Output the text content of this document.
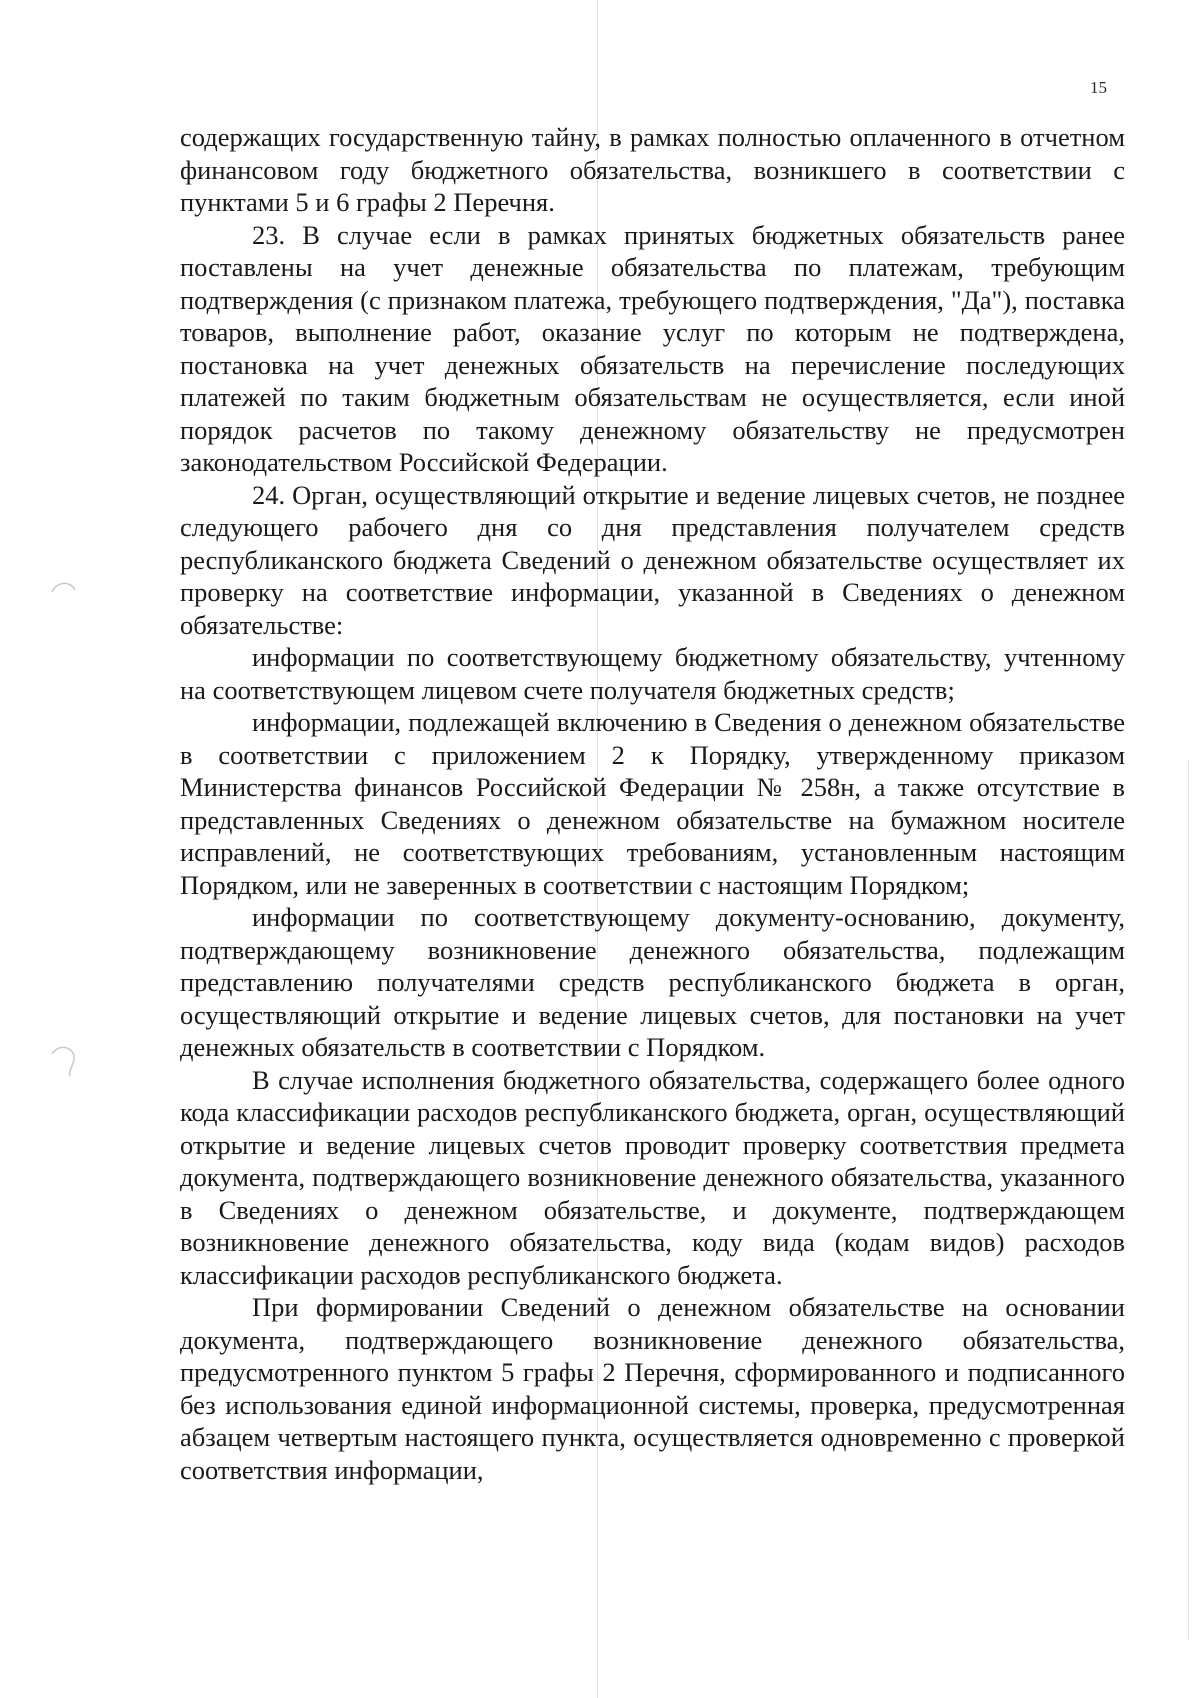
15

содержащих государственную тайну, в рамках полностью оплаченного в отчетном финансовом году бюджетного обязательства, возникшего в соответствии с пунктами 5 и 6 графы 2 Перечня.

23. В случае если в рамках принятых бюджетных обязательств ранее поставлены на учет денежные обязательства по платежам, требующим подтверждения (с признаком платежа, требующего подтверждения, "Да"), поставка товаров, выполнение работ, оказание услуг по которым не подтверждена, постановка на учет денежных обязательств на перечисление последующих платежей по таким бюджетным обязательствам не осуществляется, если иной порядок расчетов по такому денежному обязательству не предусмотрен законодательством Российской Федерации.

24. Орган, осуществляющий открытие и ведение лицевых счетов, не позднее следующего рабочего дня со дня представления получателем средств республиканского бюджета Сведений о денежном обязательстве осуществляет их проверку на соответствие информации, указанной в Сведениях о денежном обязательстве:

информации по соответствующему бюджетному обязательству, учтенному на соответствующем лицевом счете получателя бюджетных средств;

информации, подлежащей включению в Сведения о денежном обязательстве в соответствии с приложением 2 к Порядку, утвержденному приказом Министерства финансов Российской Федерации № 258н, а также отсутствие в представленных Сведениях о денежном обязательстве на бумажном носителе исправлений, не соответствующих требованиям, установленным настоящим Порядком, или не заверенных в соответствии с настоящим Порядком;

информации по соответствующему документу-основанию, документу, подтверждающему возникновение денежного обязательства, подлежащим представлению получателями средств республиканского бюджета в орган, осуществляющий открытие и ведение лицевых счетов, для постановки на учет денежных обязательств в соответствии с Порядком.

В случае исполнения бюджетного обязательства, содержащего более одного кода классификации расходов республиканского бюджета, орган, осуществляющий открытие и ведение лицевых счетов проводит проверку соответствия предмета документа, подтверждающего возникновение денежного обязательства, указанного в Сведениях о денежном обязательстве, и документе, подтверждающем возникновение денежного обязательства, коду вида (кодам видов) расходов классификации расходов республиканского бюджета.

При формировании Сведений о денежном обязательстве на основании документа, подтверждающего возникновение денежного обязательства, предусмотренного пунктом 5 графы 2 Перечня, сформированного и подписанного без использования единой информационной системы, проверка, предусмотренная абзацем четвертым настоящего пункта, осуществляется одновременно с проверкой соответствия информации,
